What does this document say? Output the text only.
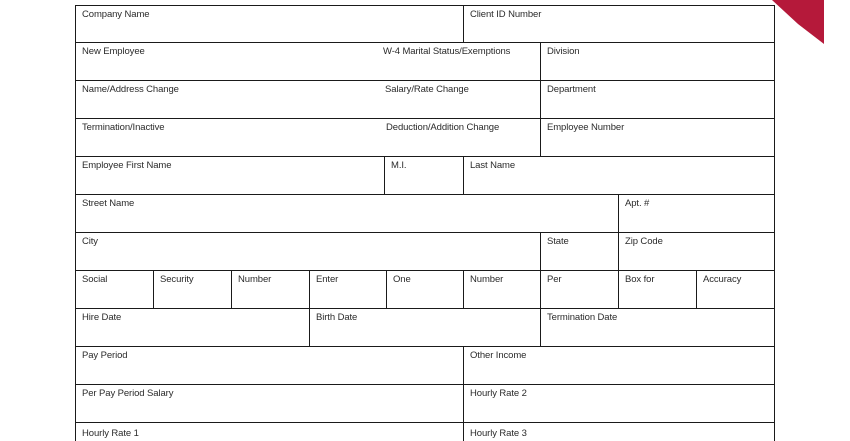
Company Name	Client ID Number
New Employee	W-4 Marital Status/Exemptions	Division
Name/Address Change	Salary/Rate Change	Department
Termination/Inactive	Deduction/Addition Change	Employee Number
Employee First Name	M.I.	Last Name
Street Name	Apt. #
City	State	Zip Code
Social	Security	Number	Enter	One	Number	Per	Box for	Accuracy
Hire Date	Birth Date	Termination Date
Pay Period	Other Income
Per Pay Period Salary	Hourly Rate 2
Hourly Rate 1	Hourly Rate 3
